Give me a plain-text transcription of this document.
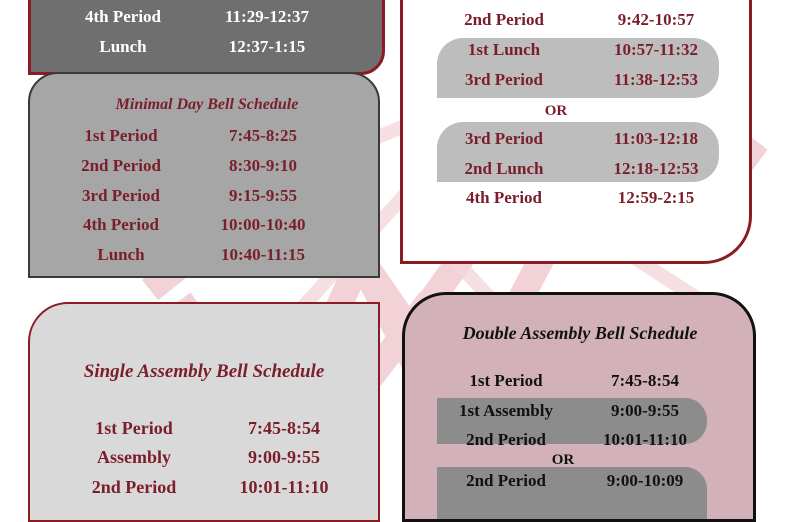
4th Period	11:29-12:37
Lunch	12:37-1:15
Minimal Day Bell Schedule
1st Period	7:45-8:25
2nd Period	8:30-9:10
3rd Period	9:15-9:55
4th Period	10:00-10:40
Lunch	10:40-11:15
2nd Period	9:42-10:57
1st Lunch	10:57-11:32
3rd Period	11:38-12:53
OR
3rd Period	11:03-12:18
2nd Lunch	12:18-12:53
4th Period	12:59-2:15
Single Assembly Bell Schedule
1st Period	7:45-8:54
Assembly	9:00-9:55
2nd Period	10:01-11:10
Double Assembly Bell Schedule
1st Period	7:45-8:54
1st Assembly	9:00-9:55
2nd Period	10:01-11:10
OR
2nd Period	9:00-10:09
